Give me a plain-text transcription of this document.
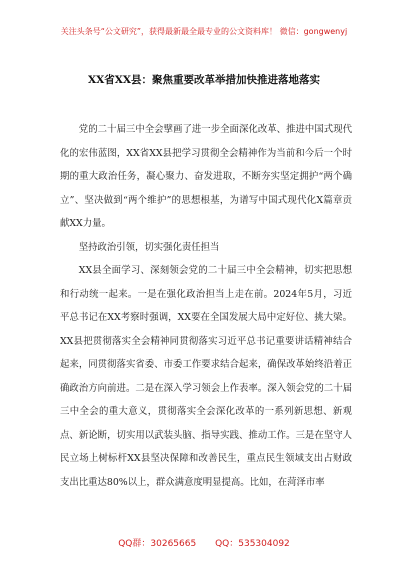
关注头条号“公文研究”，获得最新最全最专业的公文资料库！ 微信：gongwenyj
XX省XX县：聚焦重要改革举措加快推进落地落实

党的二十届三中全会擘画了进一步全面深化改革、推进中国式现代化的宏伟蓝图，XX省XX县把学习贯彻全会精神作为当前和今后一个时期的重大政治任务，凝心聚力、奋发进取，不断夯实坚定拥护“两个确立”、坚决做到“两个维护”的思想根基，为谱写中国式现代化X篇章贡献XX力量。

坚持政治引领，切实强化责任担当

XX县全面学习、深刻领会党的二十届三中全会精神，切实把思想和行动统一起来。一是在强化政治担当上走在前。2024年5月，习近平总书记在XX考察时强调，XX要在全国发展大局中定好位、挑大梁。XX县把贯彻落实全会精神同贯彻落实习近平总书记重要讲话精神结合起来，同贯彻落实省委、市委工作要求结合起来，确保改革始终沿着正确政治方向前进。二是在深入学习领会上作表率。深入领会党的二十届三中全会的重大意义，贯彻落实全会深化改革的一系列新思想、新观点、新论断，切实用以武装头脑、指导实践、推动工作。三是在坚守人民立场上树标杆XX县坚决保障和改善民生，重点民生领域支出占财政支出比重达80%以上，群众满意度明显提高。比如，在菏泽市率

QQ群：30265665 QQ：535304092
